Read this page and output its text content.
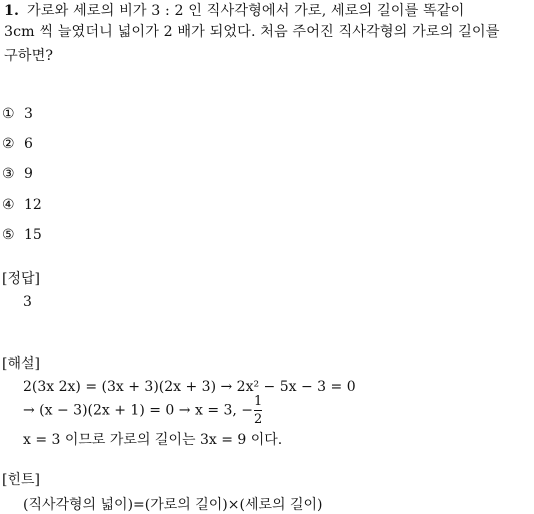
1. 가로와 세로의 비가 3 : 2 인 직사각형에서 가로, 세로의 길이를 똑같이
3cm 씩 늘였더니 넓이가 2 배가 되었다. 처음 주어진 직사각형의 가로의 길이를
구하면?
① 3
② 6
③ 9
④ 12
⑤ 15
[정답]
3
[해설]
2(3x 2x) = (3x + 3)(2x + 3) → 2x² − 5x − 3 = 0
→ (x − 3)(2x + 1) = 0 → x = 3, − $\frac{1}{2}$
x = 3 이므로 가로의 길이는 3x = 9 이다.
[힌트]
(직사각형의 넓이)=(가로의 길이)×(세로의 길이)
